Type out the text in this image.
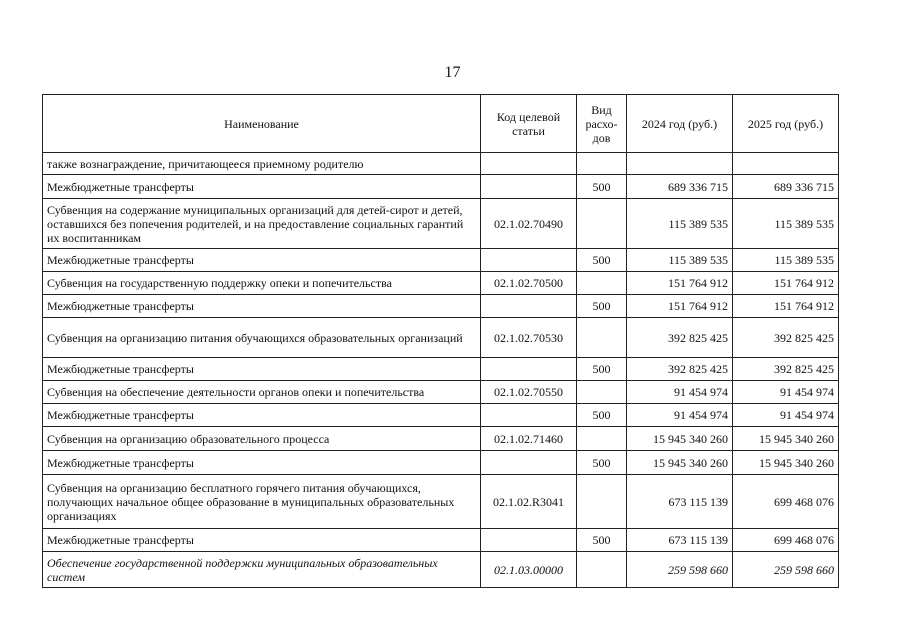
17
Наименование	Код целевой статьи	Вид расхо-дов	2024 год (руб.)	2025 год (руб.)
также вознаграждение, причитающееся приемному родителю				
Межбюджетные трансферты		500	689 336 715	689 336 715
Субвенция на содержание муниципальных организаций для детей-сирот и детей, оставшихся без попечения родителей, и на предоставление социальных гарантий их воспитанникам	02.1.02.70490		115 389 535	115 389 535
Межбюджетные трансферты		500	115 389 535	115 389 535
Субвенция на государственную поддержку опеки и попечительства	02.1.02.70500		151 764 912	151 764 912
Межбюджетные трансферты		500	151 764 912	151 764 912
Субвенция на организацию питания обучающихся образовательных организаций	02.1.02.70530		392 825 425	392 825 425
Межбюджетные трансферты		500	392 825 425	392 825 425
Субвенция на обеспечение деятельности органов опеки и попечительства	02.1.02.70550		91 454 974	91 454 974
Межбюджетные трансферты		500	91 454 974	91 454 974
Субвенция на организацию образовательного процесса	02.1.02.71460		15 945 340 260	15 945 340 260
Межбюджетные трансферты		500	15 945 340 260	15 945 340 260
Субвенция на организацию бесплатного горячего питания обучающихся, получающих начальное общее образование в муниципальных образовательных организациях	02.1.02.R3041		673 115 139	699 468 076
Межбюджетные трансферты		500	673 115 139	699 468 076
Обеспечение государственной поддержки муниципальных образовательных систем	02.1.03.00000		259 598 660	259 598 660
